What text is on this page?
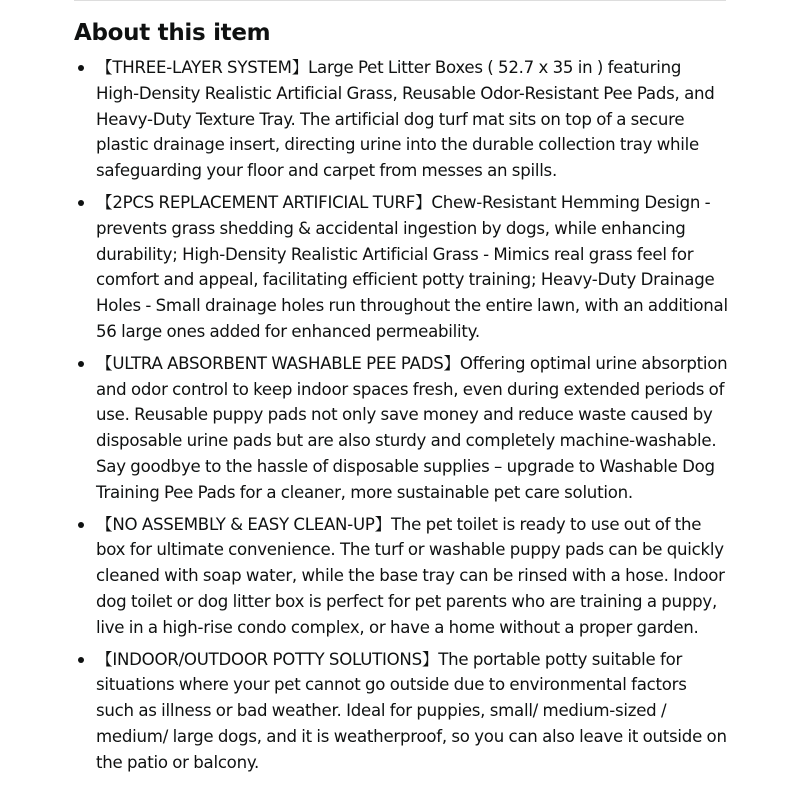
About this item
【THREE-LAYER SYSTEM】Large Pet Litter Boxes ( 52.7 x 35 in ) featuring High-Density Realistic Artificial Grass, Reusable Odor-Resistant Pee Pads, and Heavy-Duty Texture Tray. The artificial dog turf mat sits on top of a secure plastic drainage insert, directing urine into the durable collection tray while safeguarding your floor and carpet from messes an spills.
【2PCS REPLACEMENT ARTIFICIAL TURF】Chew-Resistant Hemming Design - prevents grass shedding & accidental ingestion by dogs, while enhancing durability; High-Density Realistic Artificial Grass - Mimics real grass feel for comfort and appeal, facilitating efficient potty training; Heavy-Duty Drainage Holes - Small drainage holes run throughout the entire lawn, with an additional 56 large ones added for enhanced permeability.
【ULTRA ABSORBENT WASHABLE PEE PADS】Offering optimal urine absorption and odor control to keep indoor spaces fresh, even during extended periods of use. Reusable puppy pads not only save money and reduce waste caused by disposable urine pads but are also sturdy and completely machine-washable. Say goodbye to the hassle of disposable supplies – upgrade to Washable Dog Training Pee Pads for a cleaner, more sustainable pet care solution.
【NO ASSEMBLY & EASY CLEAN-UP】The pet toilet is ready to use out of the box for ultimate convenience. The turf or washable puppy pads can be quickly cleaned with soap water, while the base tray can be rinsed with a hose. Indoor dog toilet or dog litter box is perfect for pet parents who are training a puppy, live in a high-rise condo complex, or have a home without a proper garden.
【INDOOR/OUTDOOR POTTY SOLUTIONS】The portable potty suitable for situations where your pet cannot go outside due to environmental factors such as illness or bad weather. Ideal for puppies, small/ medium-sized / medium/ large dogs, and it is weatherproof, so you can also leave it outside on the patio or balcony.
